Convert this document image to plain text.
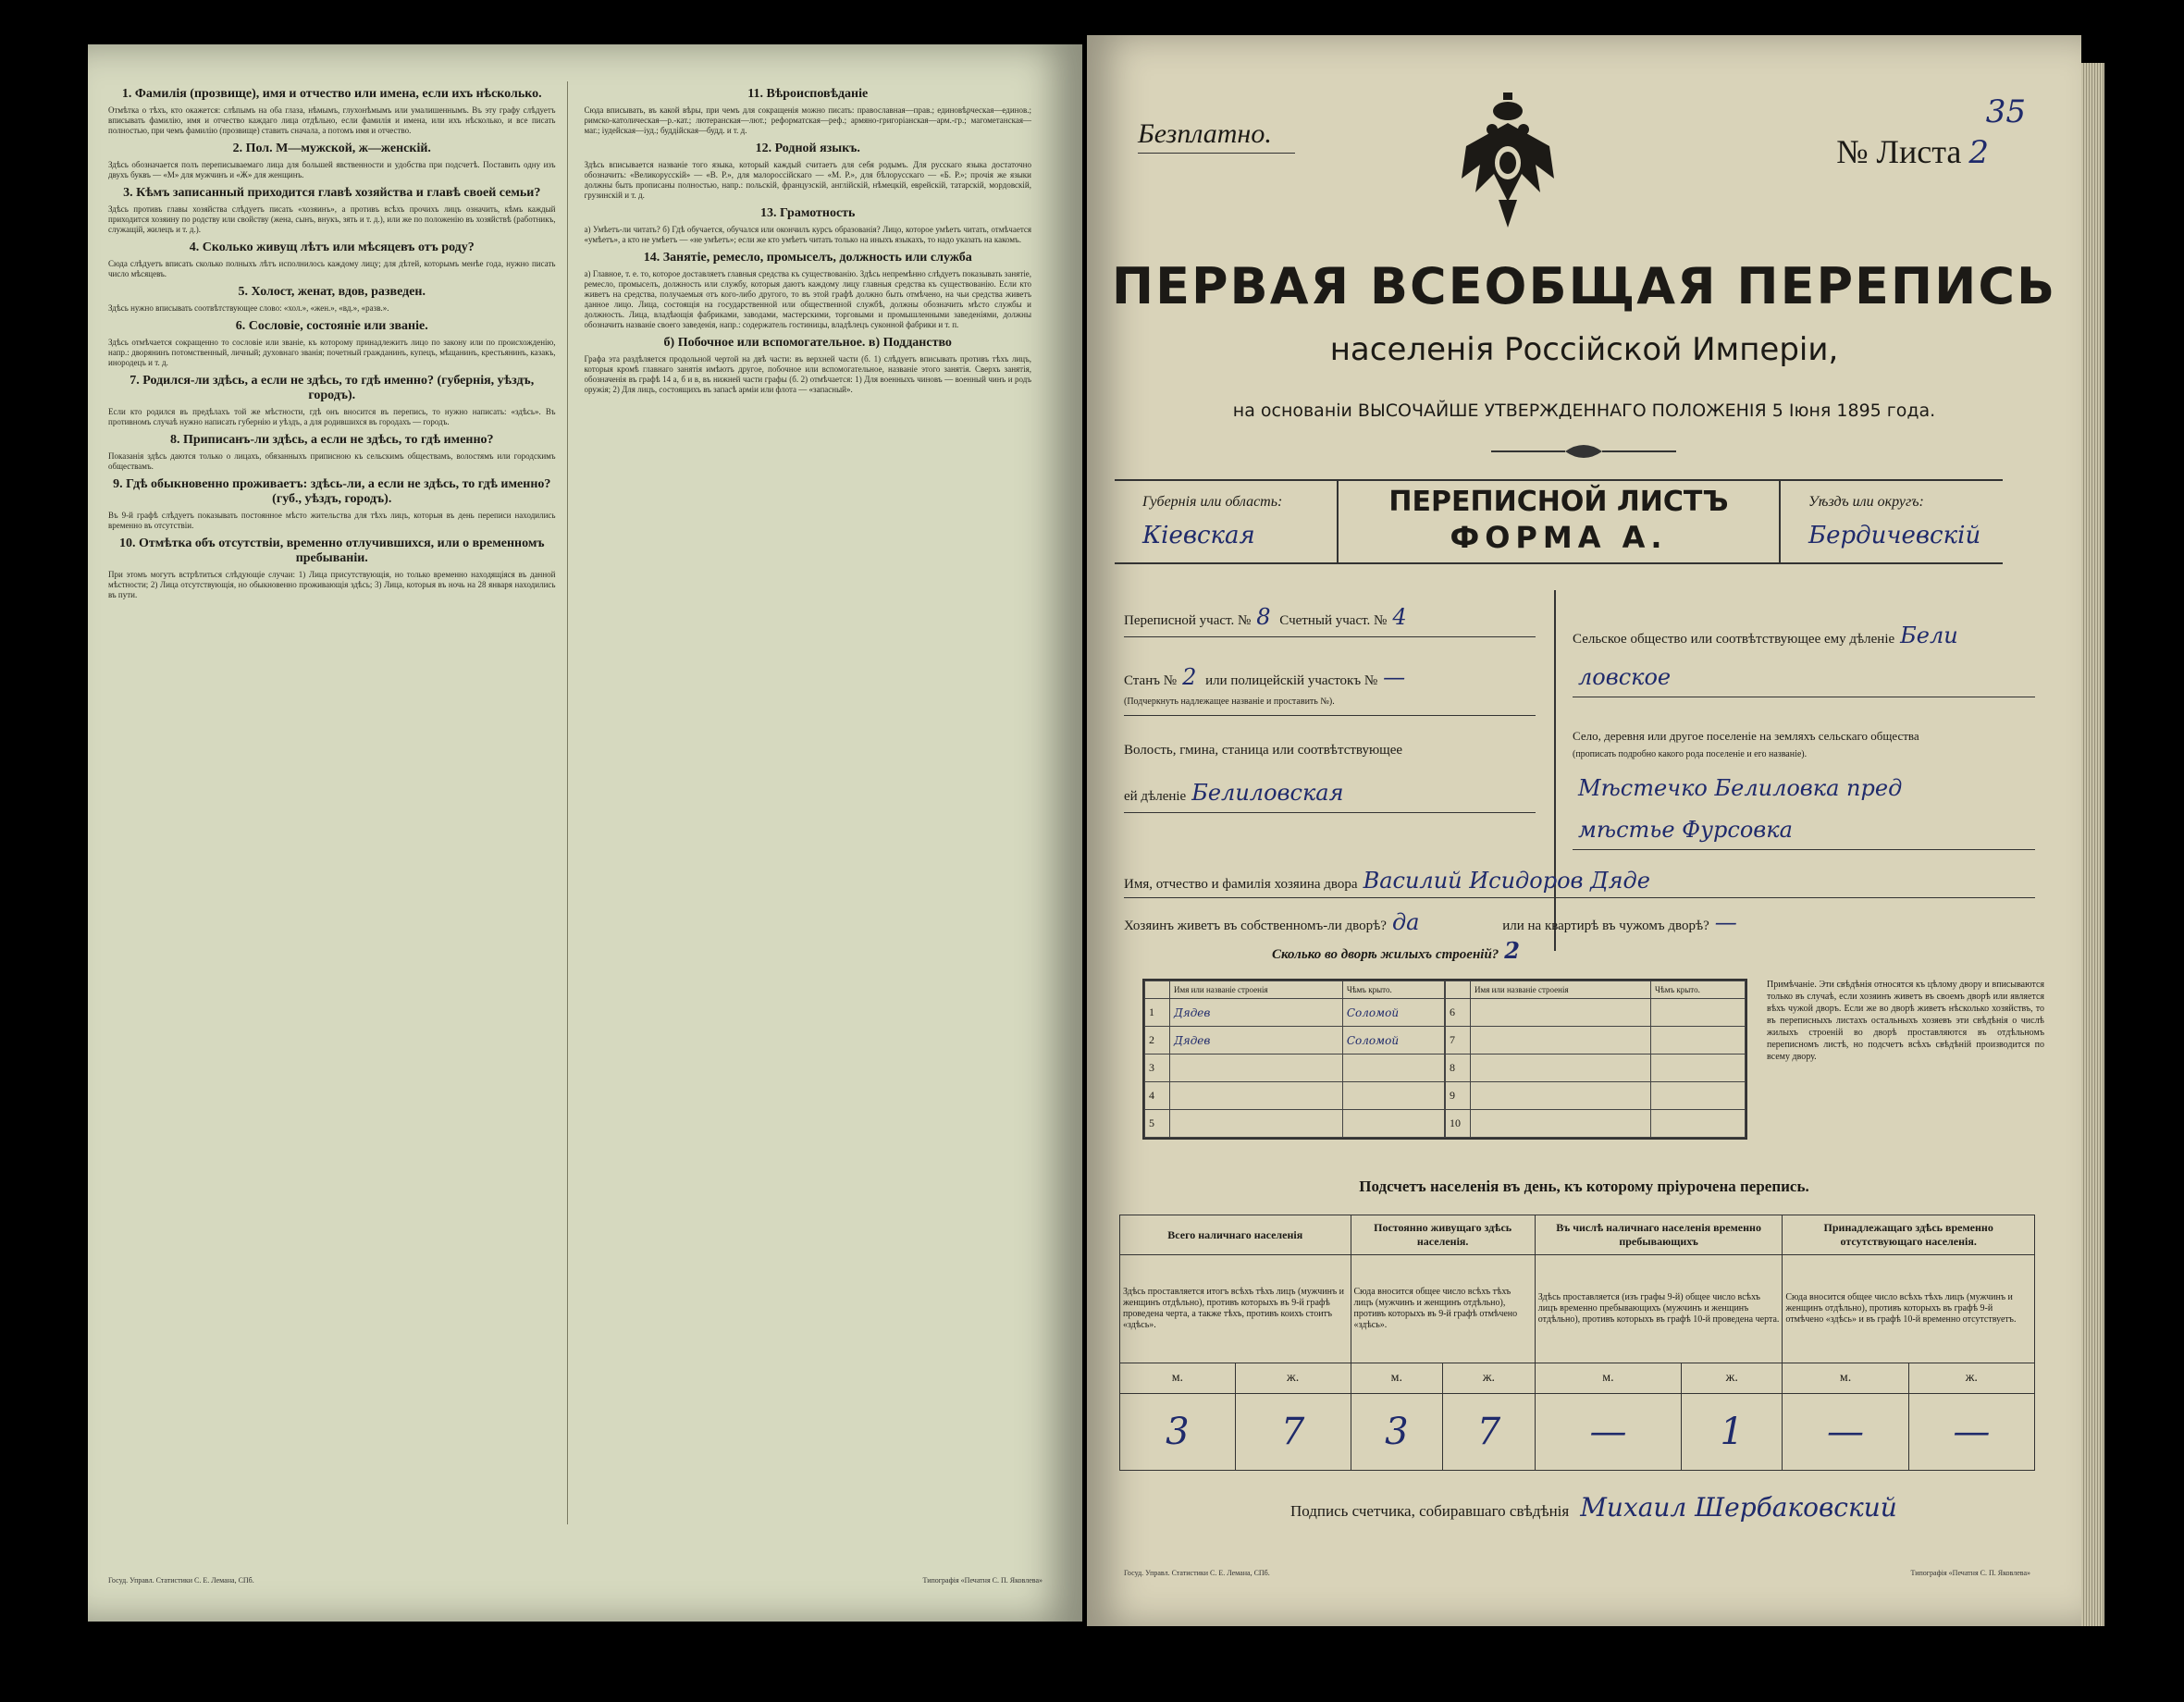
1. Фамилія (прозвище), имя и отчество или имена, если ихъ нѣсколько.
Отмѣтка о тѣхъ, кто окажется: слѣпымъ на оба глаза, нѣмымъ, глухонѣмымъ или умалишеннымъ. Въ эту графу слѣдуетъ вписывать фамилію, имя и отчество каждаго лица отдѣльно, если фамилія и имена, или ихъ нѣсколько, и все писать полностью, при чемъ фамилію (прозвище) ставить сначала, а потомъ имя и отчество.
2. Пол. М—мужской, ж—женскій.
Здѣсь обозначается полъ переписываемаго лица для большей явственности и удобства при подсчетѣ. Поставить одну изъ двухъ буквъ — «М» для мужчинъ и «Ж» для женщинъ.
3. Кѣмъ записанный приходится главѣ хозяйства и главѣ своей семьи?
Здѣсь противъ главы хозяйства слѣдуетъ писать «хозяинъ», а противъ всѣхъ прочихъ лицъ означить, кѣмъ каждый приходится хозяину по родству или свойству (жена, сынъ, внукъ, зять и т. д.), или же по положенію въ хозяйствѣ (работникъ, служащій, жилецъ и т. д.).
4. Сколько живущ лѣтъ или мѣсяцевъ отъ роду?
Сюда слѣдуетъ вписать сколько полныхъ лѣтъ исполнилось каждому лицу; для дѣтей, которымъ менѣе года, нужно писать число мѣсяцевъ.
5. Холост, женат, вдов, разведен.
Здѣсь нужно вписывать соотвѣтствующее слово: «хол.», «жен.», «вд.», «разв.».
6. Сословіе, состояніе или званіе.
Здѣсь отмѣчается сокращенно то сословіе или званіе, къ которому принадлежитъ лицо по закону или по происхожденію, напр.: дворянинъ потомственный, личный; духовнаго званія; почетный гражданинъ, купецъ, мѣщанинъ, крестьянинъ, казакъ, инородецъ и т. д.
7. Родился-ли здѣсь, а если не здѣсь, то гдѣ именно? (губернія, уѣздъ, городъ).
Если кто родился въ предѣлахъ той же мѣстности, гдѣ онъ вносится въ перепись, то нужно написать: «здѣсь». Въ противномъ случаѣ нужно написать губернію и уѣздъ, а для родившихся въ городахъ — городъ.
8. Приписанъ-ли здѣсь, а если не здѣсь, то гдѣ именно?
Показанія здѣсь даются только о лицахъ, обязанныхъ приписною къ сельскимъ обществамъ, волостямъ или городскимъ обществамъ.
9. Гдѣ обыкновенно проживаетъ: здѣсь-ли, а если не здѣсь, то гдѣ именно? (губ., уѣздъ, городъ).
Въ 9-й графѣ слѣдуетъ показывать постоянное мѣсто жительства для тѣхъ лицъ, которыя въ день переписи находились временно въ отсутствіи.
10. Отмѣтка объ отсутствіи, временно отлучившихся, или о временномъ пребываніи.
При этомъ могутъ встрѣтиться слѣдующіе случаи: 1) Лица присутствующія, но только временно находящіяся въ данной мѣстности; 2) Лица отсутствующія, но обыкновенно проживающія здѣсь; 3) Лица, которыя въ ночь на 28 января находились въ пути.
11. Вѣроисповѣданіе
Сюда вписывать, въ какой вѣры, при чемъ для сокращенія можно писать: православная—прав.; единовѣрческая—единов.; римско-католическая—р.-кат.; лютеранская—лют.; реформатская—реф.; армяно-григоріанская—арм.-гр.; магометанская—маг.; іудейская—іуд.; буддійская—будд. и т. д.
12. Родной языкъ.
Здѣсь вписывается названіе того языка, который каждый считаетъ для себя родымъ. Для русскаго языка достаточно обозначить: «Великорусскій» — «В. Р.», для малороссійскаго — «М. Р.», для бѣлорусскаго — «Б. Р.»; прочія же языки должны быть прописаны полностью, напр.: польскій, французскій, англійскій, нѣмецкій, еврейскій, татарскій, мордовскій, грузинскій и т. д.
13. Грамотность
а) Умѣетъ-ли читать? б) Гдѣ обучается, обучался или окончилъ курсъ образованія? Лицо, которое умѣетъ читать, отмѣчается «умѣетъ», а кто не умѣетъ — «не умѣетъ»; если же кто умѣетъ читать только на иныхъ языкахъ, то надо указать на какомъ.
14. Занятіе, ремесло, промыселъ, должность или служба
а) Главное, т. е. то, которое доставляетъ главныя средства къ существованію. Здѣсь непремѣнно слѣдуетъ показывать занятіе, ремесло, промыселъ, должность или службу, которыя даютъ каждому лицу главныя средства къ существованію. Если кто живетъ на средства, получаемыя отъ кого-либо другого, то въ этой графѣ должно быть отмѣчено, на чьи средства живетъ данное лицо. Лица, состоящія на государственной или общественной службѣ, должны обозначить мѣсто службы и должность. Лица, владѣющія фабриками, заводами, мастерскими, торговыми и промышленными заведеніями, должны обозначить названіе своего заведенія, напр.: содержатель гостиницы, владѣлецъ суконной фабрики и т. п.
б) Побочное или вспомогательное. в) Подданство
Графа эта раздѣляется продольной чертой на двѣ части: въ верхней части (б. 1) слѣдуетъ вписывать противъ тѣхъ лицъ, которыя кромѣ главнаго занятія имѣютъ другое, побочное или вспомогательное, названіе этого занятія. Сверхъ занятія, обозначенія въ графѣ 14 а, б и в, въ нижней части графы (б. 2) отмѣчается: 1) Для военныхъ чиновъ — военный чинъ и родъ оружія; 2) Для лицъ, состоящихъ въ запасѣ армiи или флота — «запасный».
Госуд. Управл. Статистики С. Е. Лемана, СПб.	Типографія «Печатня С. П. Яковлева»
Безплатно.
35
№ Листа 2
ПЕРВАЯ ВСЕОБЩАЯ ПЕРЕПИСЬ
населенія Россійской Имперіи,
на основаніи ВЫСОЧАЙШЕ УТВЕРЖДЕННАГО ПОЛОЖЕНІЯ 5 Іюня 1895 года.
Губернія или область:
Кiевская
ПЕРЕПИСНОЙ ЛИСТЪ
ФОРМА А.
Уѣздъ или округъ:
Бердичевскiй
Переписной участ. № 8 Счетный участ. № 4
Станъ № 2 или полицейскій участокъ № —
(Подчеркнуть надлежащее названіе и проставить №).
Волость, гмина, станица или соотвѣтствующее
ей дѣленіе Белиловская
Сельское общество или соотвѣтствующее ему дѣленіе Бели
ловское
Село, деревня или другое поселеніе на земляхъ сельскаго общества
(прописать подробно какого рода поселеніе и его названіе).
Мѣстечко Белиловка пред
мѣстье Фурсовка
Имя, отчество и фамилія хозяина двора Василий Исидоров Дяде
Хозяинъ живетъ въ собственномъ-ли дворѣ? да	или на квартирѣ въ чужомъ дворѣ? —
Сколько во дворѣ жилыхъ строеній? 2
	Имя или названіе строенія	Чѣмъ крыто.
1	Дядев	Соломой
2	Дядев	Соломой
3		
4		
5		
	Имя или названіе строенія	Чѣмъ крыто.
6		
7		
8		
9		
10		
Примѣчаніе. Эти свѣдѣнія относятся къ цѣлому двору и вписываются только въ случаѣ, если хозяинъ живетъ въ своемъ дворѣ или является вѣхъ чужой дворъ. Если же во дворѣ живетъ нѣсколько хозяйствъ, то въ переписныхъ листахъ остальныхъ хозяевъ эти свѣдѣнія о числѣ жилыхъ строеній во дворѣ проставляются въ отдѣльномъ переписномъ листѣ, но подсчетъ всѣхъ свѣдѣній производится по всему двору.
Подсчетъ населенія въ день, къ которому пріурочена перепись.
Всего наличнаго населенія		Постоянно живущаго здѣсь населенія.		Въ числѣ наличнаго населенія временно пребывающихъ		Принадлежащаго здѣсь временно отсутствующаго населенія.	
Здѣсь проставляется итогъ всѣхъ тѣхъ лицъ (мужчинъ и женщинъ отдѣльно), противъ которыхъ въ 9-й графѣ проведена черта, а также тѣхъ, противъ коихъ стоитъ «здѣсь».		Сюда вносится общее число всѣхъ тѣхъ лицъ (мужчинъ и женщинъ отдѣльно), противъ которыхъ въ 9-й графѣ отмѣчено «здѣсь».		Здѣсь проставляется (изъ графы 9-й) общее число всѣхъ лицъ временно пребывающихъ (мужчинъ и женщинъ отдѣльно), противъ которыхъ въ графѣ 10-й проведена черта.		Сюда вносится общее число всѣхъ тѣхъ лицъ (мужчинъ и женщинъ отдѣльно), противъ которыхъ въ графѣ 9-й отмѣчено «здѣсь» и въ графѣ 10-й временно отсутствуетъ.	
м.	ж.	м.	ж.	м.	ж.	м.	ж.
3	7	3	7	—	1	—	—
Подпись счетчика, собиравшаго свѣдѣнія Михаил Шербаковский
Госуд. Управл. Статистики С. Е. Лемана, СПб.	Типографія «Печатня С. П. Яковлева»
